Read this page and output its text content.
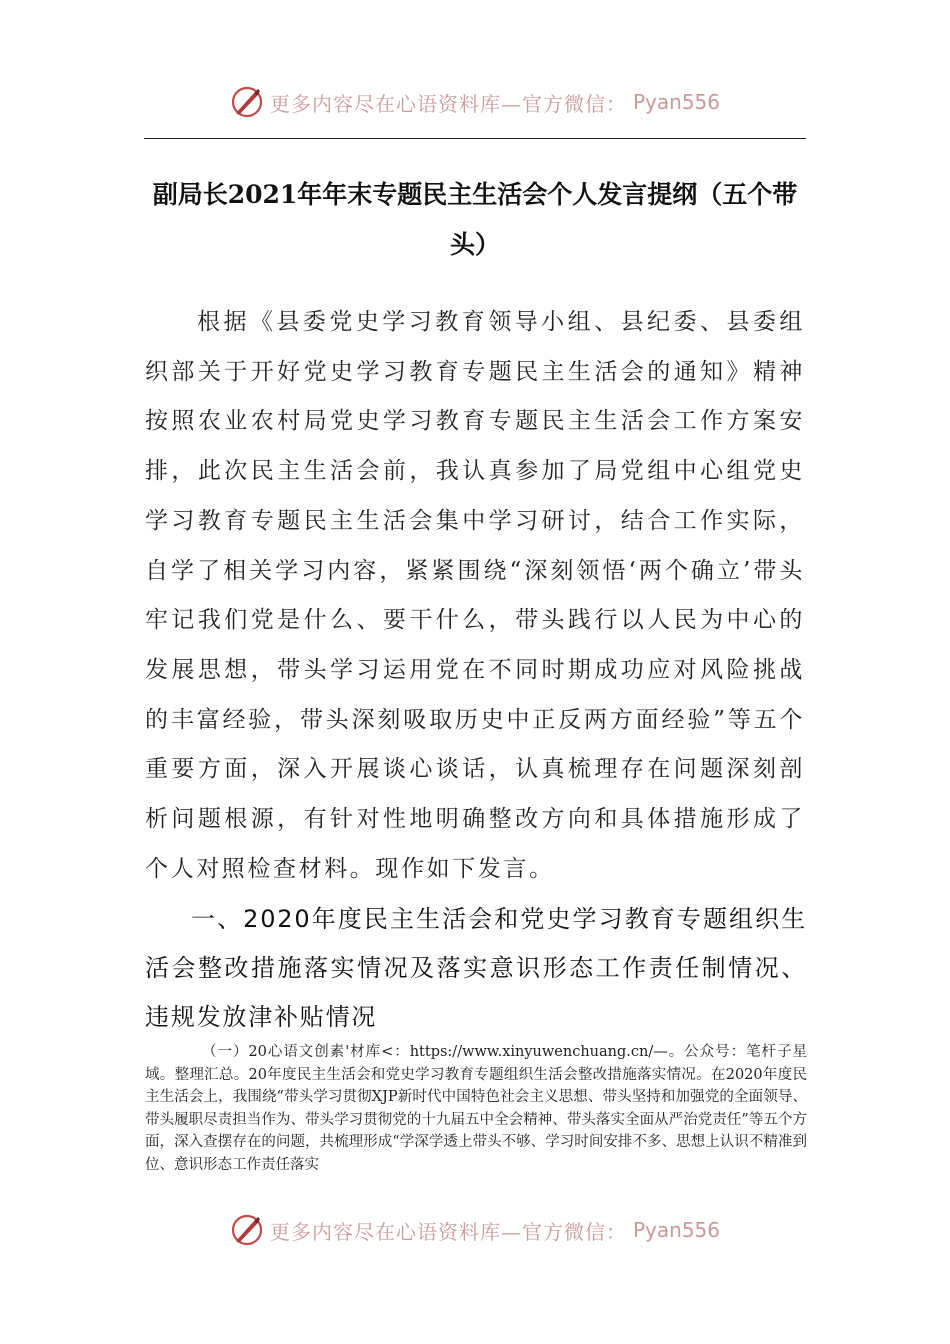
更多内容尽在心语资料库—官方微信： Pyan556
副局长2021年年末专题民主生活会个人发言提纲（五个带头）
根据《县委党史学习教育领导小组、县纪委、县委组织部关于开好党史学习教育专题民主生活会的通知》精神按照农业农村局党史学习教育专题民主生活会工作方案安排，此次民主生活会前，我认真参加了局党组中心组党史学习教育专题民主生活会集中学习研讨，结合工作实际，自学了相关学习内容，紧紧围绕“深刻领悟‘两个确立’带头牢记我们党是什么、要干什么，带头践行以人民为中心的发展思想，带头学习运用党在不同时期成功应对风险挑战的丰富经验，带头深刻吸取历史中正反两方面经验”等五个重要方面，深入开展谈心谈话，认真梳理存在问题深刻剖析问题根源，有针对性地明确整改方向和具体措施形成了个人对照检查材料。现作如下发言。
一、2020年度民主生活会和党史学习教育专题组织生活会整改措施落实情况及落实意识形态工作责任制情况、违规发放津补贴情况
（一）20心语文创素'材库<：https://www.xinyuwenchuang.cn/—。公众号：笔杆子星域。整理汇总。20年度民主生活会和党史学习教育专题组织生活会整改措施落实情况。在2020年度民主生活会上，我围绕“带头学习贯彻XJP新时代中国特色社会主义思想、带头坚持和加强党的全面领导、带头履职尽责担当作为、带头学习贯彻党的十九届五中全会精神、带头落实全面从严治党责任”等五个方面，深入查摆存在的问题，共梳理形成“学深学透上带头不够、学习时间安排不多、思想上认识不精准到位、意识形态工作责任落实
更多内容尽在心语资料库—官方微信： Pyan556
